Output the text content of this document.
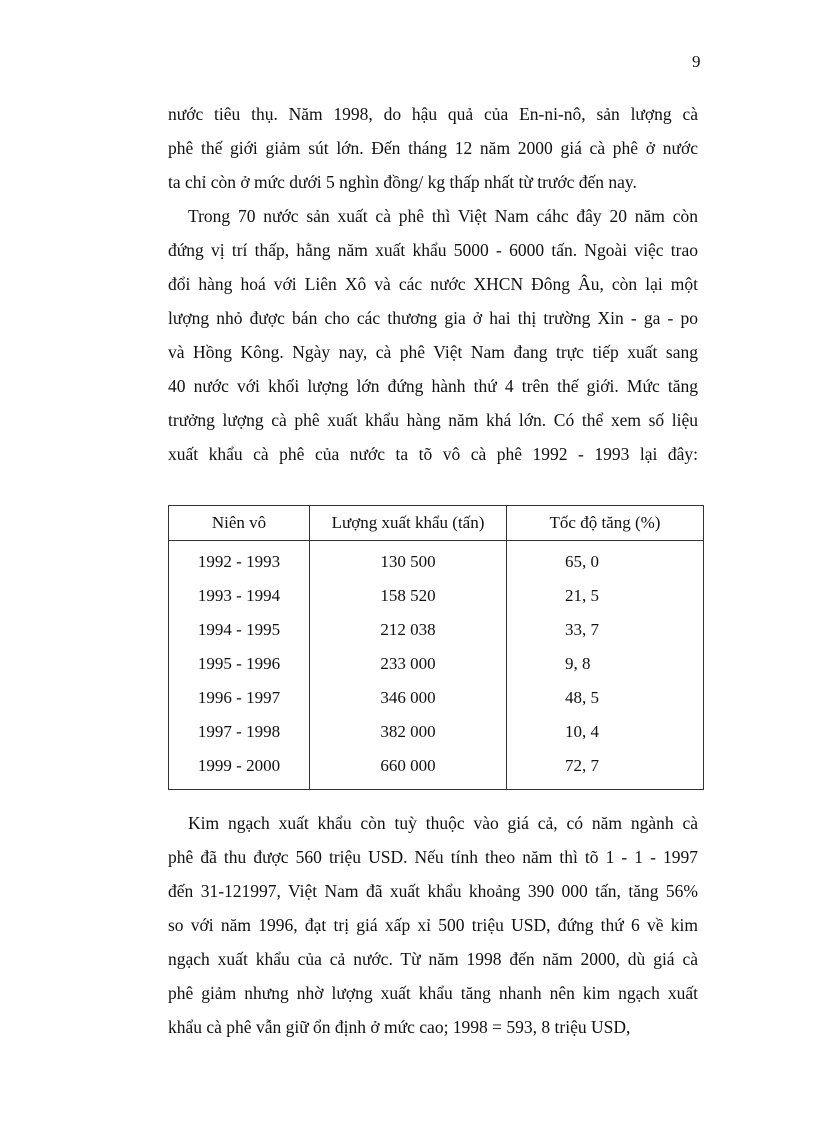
9
nước tiêu thụ. Năm 1998, do hậu quả của En-ni-nô, sản lượng cà
phê thế giới giảm sút lớn. Đến tháng 12 năm 2000 giá cà phê ở nước
ta chỉ còn ở mức dưới 5 nghìn đồng/ kg thấp nhất từ trước đến nay.
Trong 70 nước sản xuất cà phê thì Việt Nam cáhc đây 20 năm còn
đứng vị trí thấp, hằng năm xuất khẩu 5000 - 6000 tấn. Ngoài việc trao
đổi hàng hoá với Liên Xô và các nước XHCN Đông Âu, còn lại một
lượng nhỏ được bán cho các thương gia ở hai thị trường Xin - ga - po
và Hồng Kông. Ngày nay, cà phê Việt Nam đang trực tiếp xuất sang
40 nước với khối lượng lớn đứng hành thứ 4 trên thế giới. Mức tăng
trưởng lượng cà phê xuất khẩu hàng năm khá lớn. Có thể xem số liệu
xuất khẩu cà phê của nước ta tõ vô cà phê 1992 - 1993 lại đây:
Niên vô	Lượng xuất khẩu (tấn)	Tốc độ tăng (%)
1992 - 1993	130 500	65, 0
1993 - 1994	158 520	21, 5
1994 - 1995	212 038	33, 7
1995 - 1996	233 000	9, 8
1996 - 1997	346 000	48, 5
1997 - 1998	382 000	10, 4
1999 - 2000	660 000	72, 7
Kim ngạch xuất khẩu còn tuỳ thuộc vào giá cả, có năm ngành cà
phê đã thu được 560 triệu USD. Nếu tính theo năm thì tõ 1 - 1 - 1997
đến 31-121997, Việt Nam đã xuất khẩu khoảng 390 000 tấn, tăng 56%
so với năm 1996, đạt trị giá xấp xỉ 500 triệu USD, đứng thứ 6 về kim
ngạch xuất khẩu của cả nước. Từ năm 1998 đến năm 2000, dù giá cà
phê giảm nhưng nhờ lượng xuất khẩu tăng nhanh nên kim ngạch xuất
khẩu cà phê vẫn giữ ổn định ở mức cao; 1998 = 593, 8 triệu USD,
